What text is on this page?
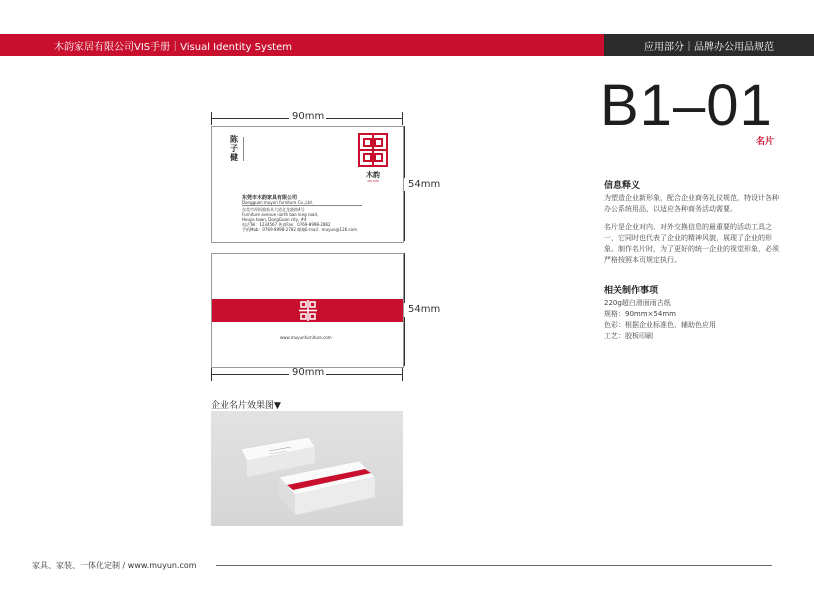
木韵家居有限公司VIS手册｜Visual Identity System	应用部分｜品牌办公用品规范
B1–01
名片
信息释义
为塑造企业新形象，配合企业商务礼仪规范，特设计各种办公系统用品，以适应各种商务活动需要。
名片是企业对内、对外交换信息的最重要的活动工具之一，它同时也代表了企业的精神风貌，展现了企业的形象。制作名片时，为了更好的统一企业的视觉形象，必须严格按照本页规定执行。
相关制作事项
220g超白滑面雨古纸
规格：90mm×54mm
色彩：根据企业标准色、辅助色应用
工艺：胶板印刷
90mm
陈子健
木韵
MUYUN
东莞市木韵家具有限公司
Dongguan muyun furniture Co.,Ltd.
东莞市厚街镇家具大道北龙陵路4号
Furniture avenue north bao long road,
Houjie town, DongGuan city, #4
电话Tel：1234567 传真Fax：0769-8998-2862
手机Mob：0769-8998-2782 邮箱E-mail：muyun@126.com
54mm
www.muyunfurniture.com
54mm
90mm
企业名片效果图▼
家具、家装、一体化定制 / www.muyun.com
